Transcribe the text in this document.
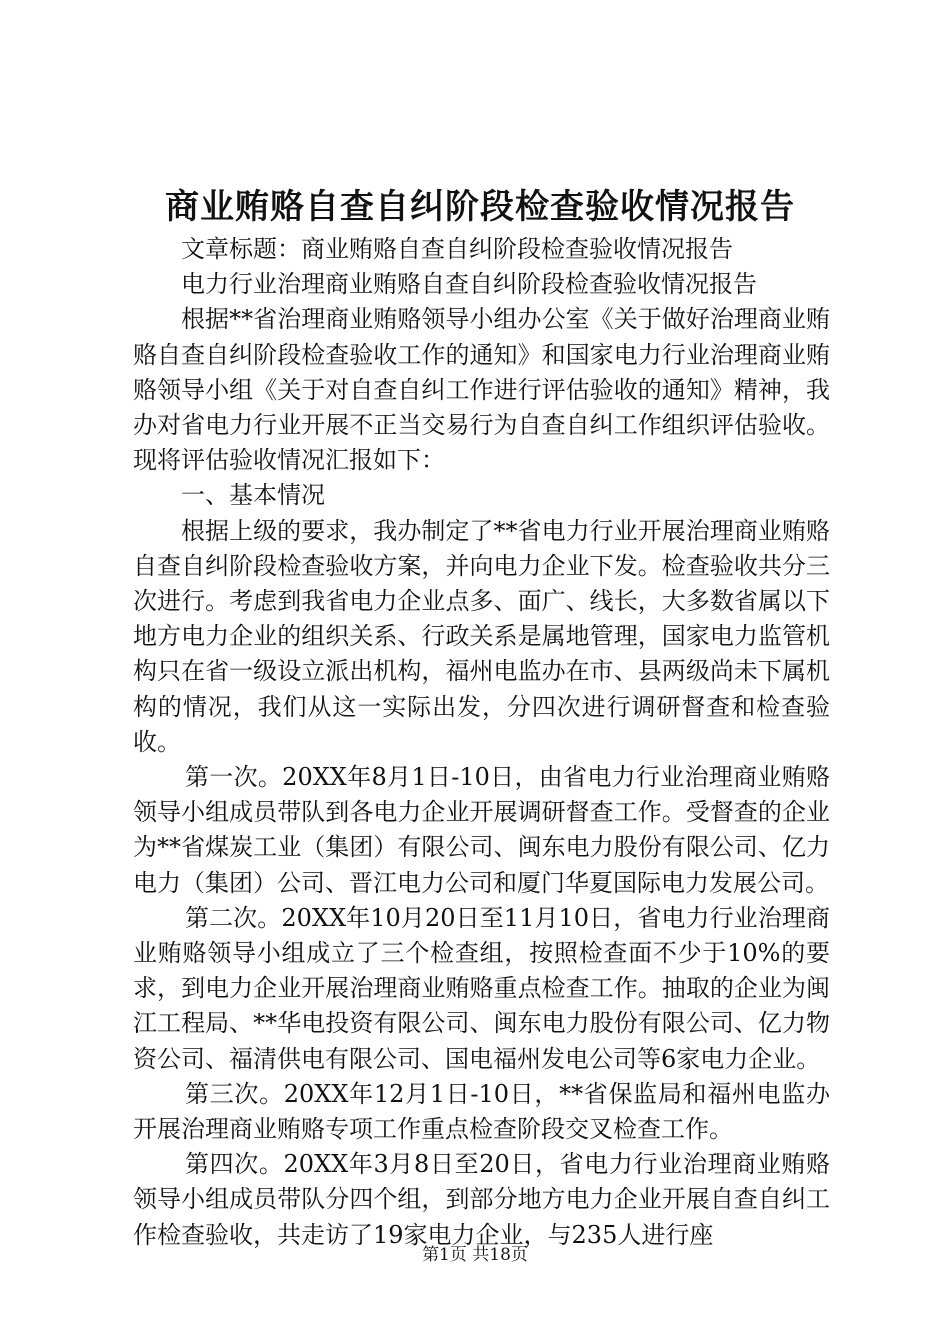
商业贿赂自查自纠阶段检查验收情况报告

文章标题：商业贿赂自查自纠阶段检查验收情况报告

电力行业治理商业贿赂自查自纠阶段检查验收情况报告

根据**省治理商业贿赂领导小组办公室《关于做好治理商业贿赂自查自纠阶段检查验收工作的通知》和国家电力行业治理商业贿赂领导小组《关于对自查自纠工作进行评估验收的通知》精神，我办对省电力行业开展不正当交易行为自查自纠工作组织评估验收。现将评估验收情况汇报如下：

一、基本情况

根据上级的要求，我办制定了**省电力行业开展治理商业贿赂自查自纠阶段检查验收方案，并向电力企业下发。检查验收共分三次进行。考虑到我省电力企业点多、面广、线长，大多数省属以下地方电力企业的组织关系、行政关系是属地管理，国家电力监管机构只在省一级设立派出机构，福州电监办在市、县两级尚未下属机构的情况，我们从这一实际出发，分四次进行调研督查和检查验收。

第一次。20XX年8月1日-10日，由省电力行业治理商业贿赂领导小组成员带队到各电力企业开展调研督查工作。受督查的企业为**省煤炭工业（集团）有限公司、闽东电力股份有限公司、亿力电力（集团）公司、晋江电力公司和厦门华夏国际电力发展公司。

第二次。20XX年10月20日至11月10日，省电力行业治理商业贿赂领导小组成立了三个检查组，按照检查面不少于10%的要求，到电力企业开展治理商业贿赂重点检查工作。抽取的企业为闽江工程局、**华电投资有限公司、闽东电力股份有限公司、亿力物资公司、福清供电有限公司、国电福州发电公司等6家电力企业。

第三次。20XX年12月1日-10日，**省保监局和福州电监办开展治理商业贿赂专项工作重点检查阶段交叉检查工作。

第四次。20XX年3月8日至20日，省电力行业治理商业贿赂领导小组成员带队分四个组，到部分地方电力企业开展自查自纠工作检查验收，共走访了19家电力企业，与235人进行座

第1页 共18页
